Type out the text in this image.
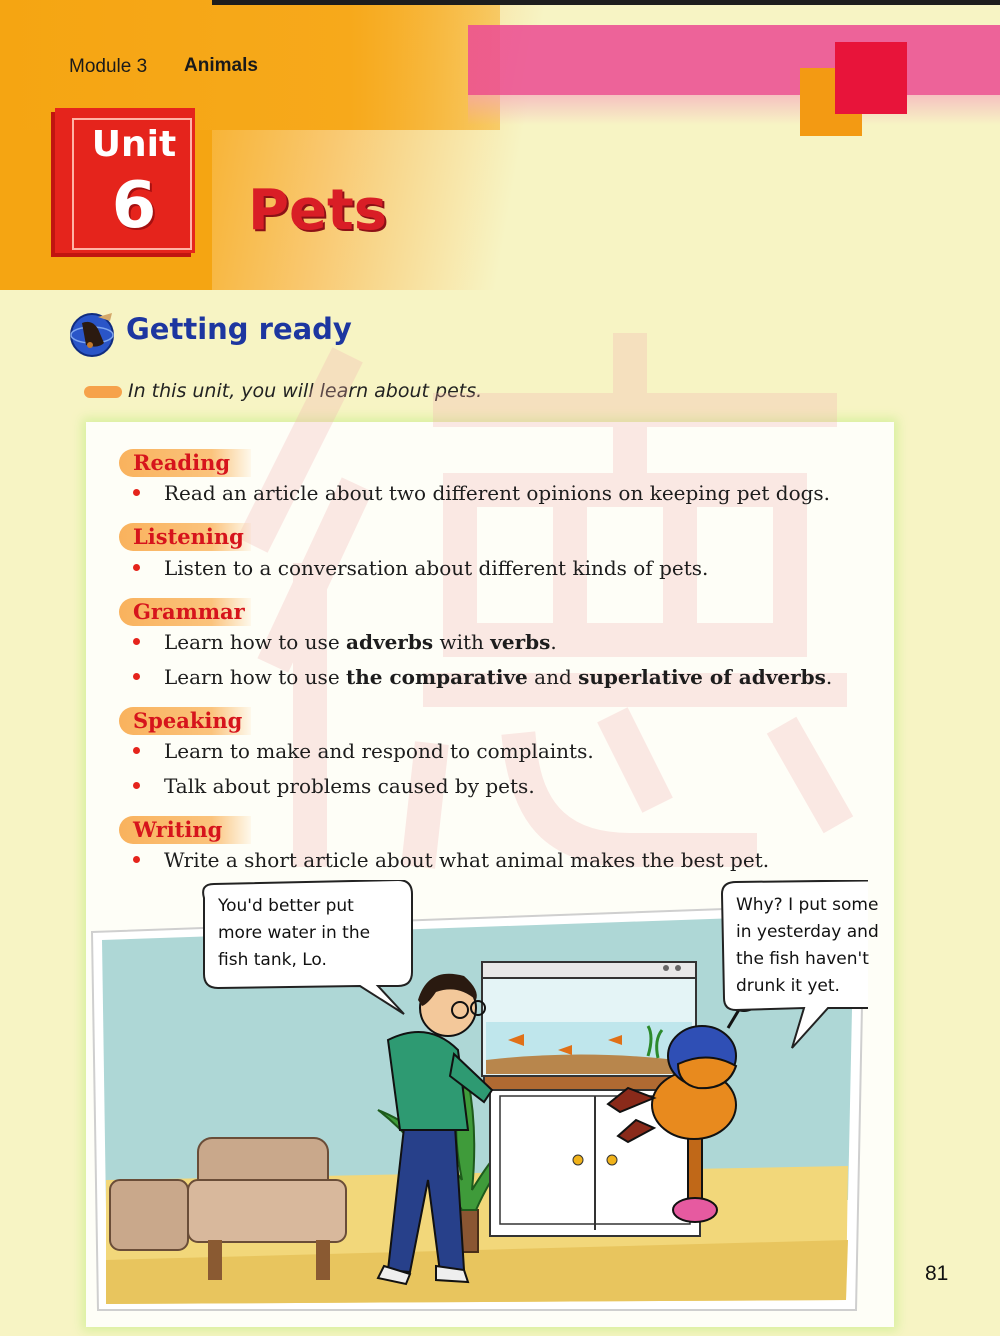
Module 3 Animals
Unit
6	Pets
Getting ready
In this unit, you will learn about pets.
Reading
Read an article about two different opinions on keeping pet dogs.
Listening
Listen to a conversation about different kinds of pets.
Grammar
Learn how to use adverbs with verbs.
Learn how to use the comparative and superlative of adverbs.
Speaking
Learn to make and respond to complaints.
Talk about problems caused by pets.
Writing
Write a short article about what animal makes the best pet.
You'd better put
more water in the
fish tank, Lo.
Why? I put some
in yesterday and
the fish haven't
drunk it yet.
81
